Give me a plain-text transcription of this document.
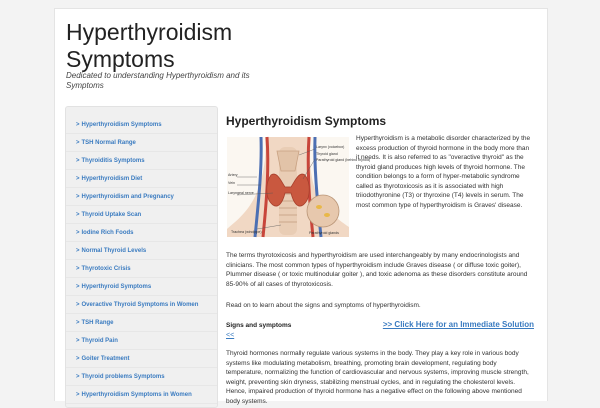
Hyperthyroidism Symptoms
Dedicated to understanding Hyperthyroidism and its Symptoms
> Hyperthyroidism Symptoms
> TSH Normal Range
> Thyroiditis Symptoms
> Hyperthyroidism Diet
> Hyperthyroidism and Pregnancy
> Thyroid Uptake Scan
> Iodine Rich Foods
> Normal Thyroid Levels
> Thyrotoxic Crisis
> Hyperthyroid Symptoms
> Overactive Thyroid Symptoms in Women
> TSH Range
> Thyroid Pain
> Goiter Treatment
> Thyroid problems Symptoms
> Hyperthyroidism Symptoms in Women
Hyperthyroidism Symptoms
Larynx (voicebox)
Thyroid gland
Parathyroid gland (behind thyroid)
Artery
Vein
Laryngeal nerve
Parathyroid glands
Trachea (windpipe)
Hyperthyroidism is a metabolic disorder characterized by the excess production of thyroid hormone in the body more than it needs. It is also referred to as "overactive thyroid" as the thyroid gland produces high levels of thyroid hormone. The condition belongs to a form of hyper-metabolic syndrome called as thyrotoxicosis as it is associated with high triiodothyronine (T3) or thyroxine (T4) levels in serum. The most common type of hyperthyroidism is Graves' disease.
The terms thyrotoxicosis and hyperthyroidism are used interchangeably by many endocrinologists and clinicians. The most common types of hyperthyroidism include Graves disease ( or diffuse toxic goiter), Plummer disease ( or toxic multinodular goiter ), and toxic adenoma as these disorders constitute around 85-90% of all cases of thyrotoxicosis.
Read on to learn about the signs and symptoms of hyperthyroidism.
Signs and symptoms
<<
>> Click Here for an Immediate Solution
Thyroid hormones normally regulate various systems in the body. They play a key role in various body systems like modulating metabolism, breathing, promoting brain development, regulating body temperature, normalizing the function of cardiovascular and nervous systems, improving muscle strength, weight, preventing skin dryness, stabilizing menstrual cycles, and in regulating the cholesterol levels. Hence, impaired production of thyroid hormone has a negative effect on the following above mentioned body systems.
